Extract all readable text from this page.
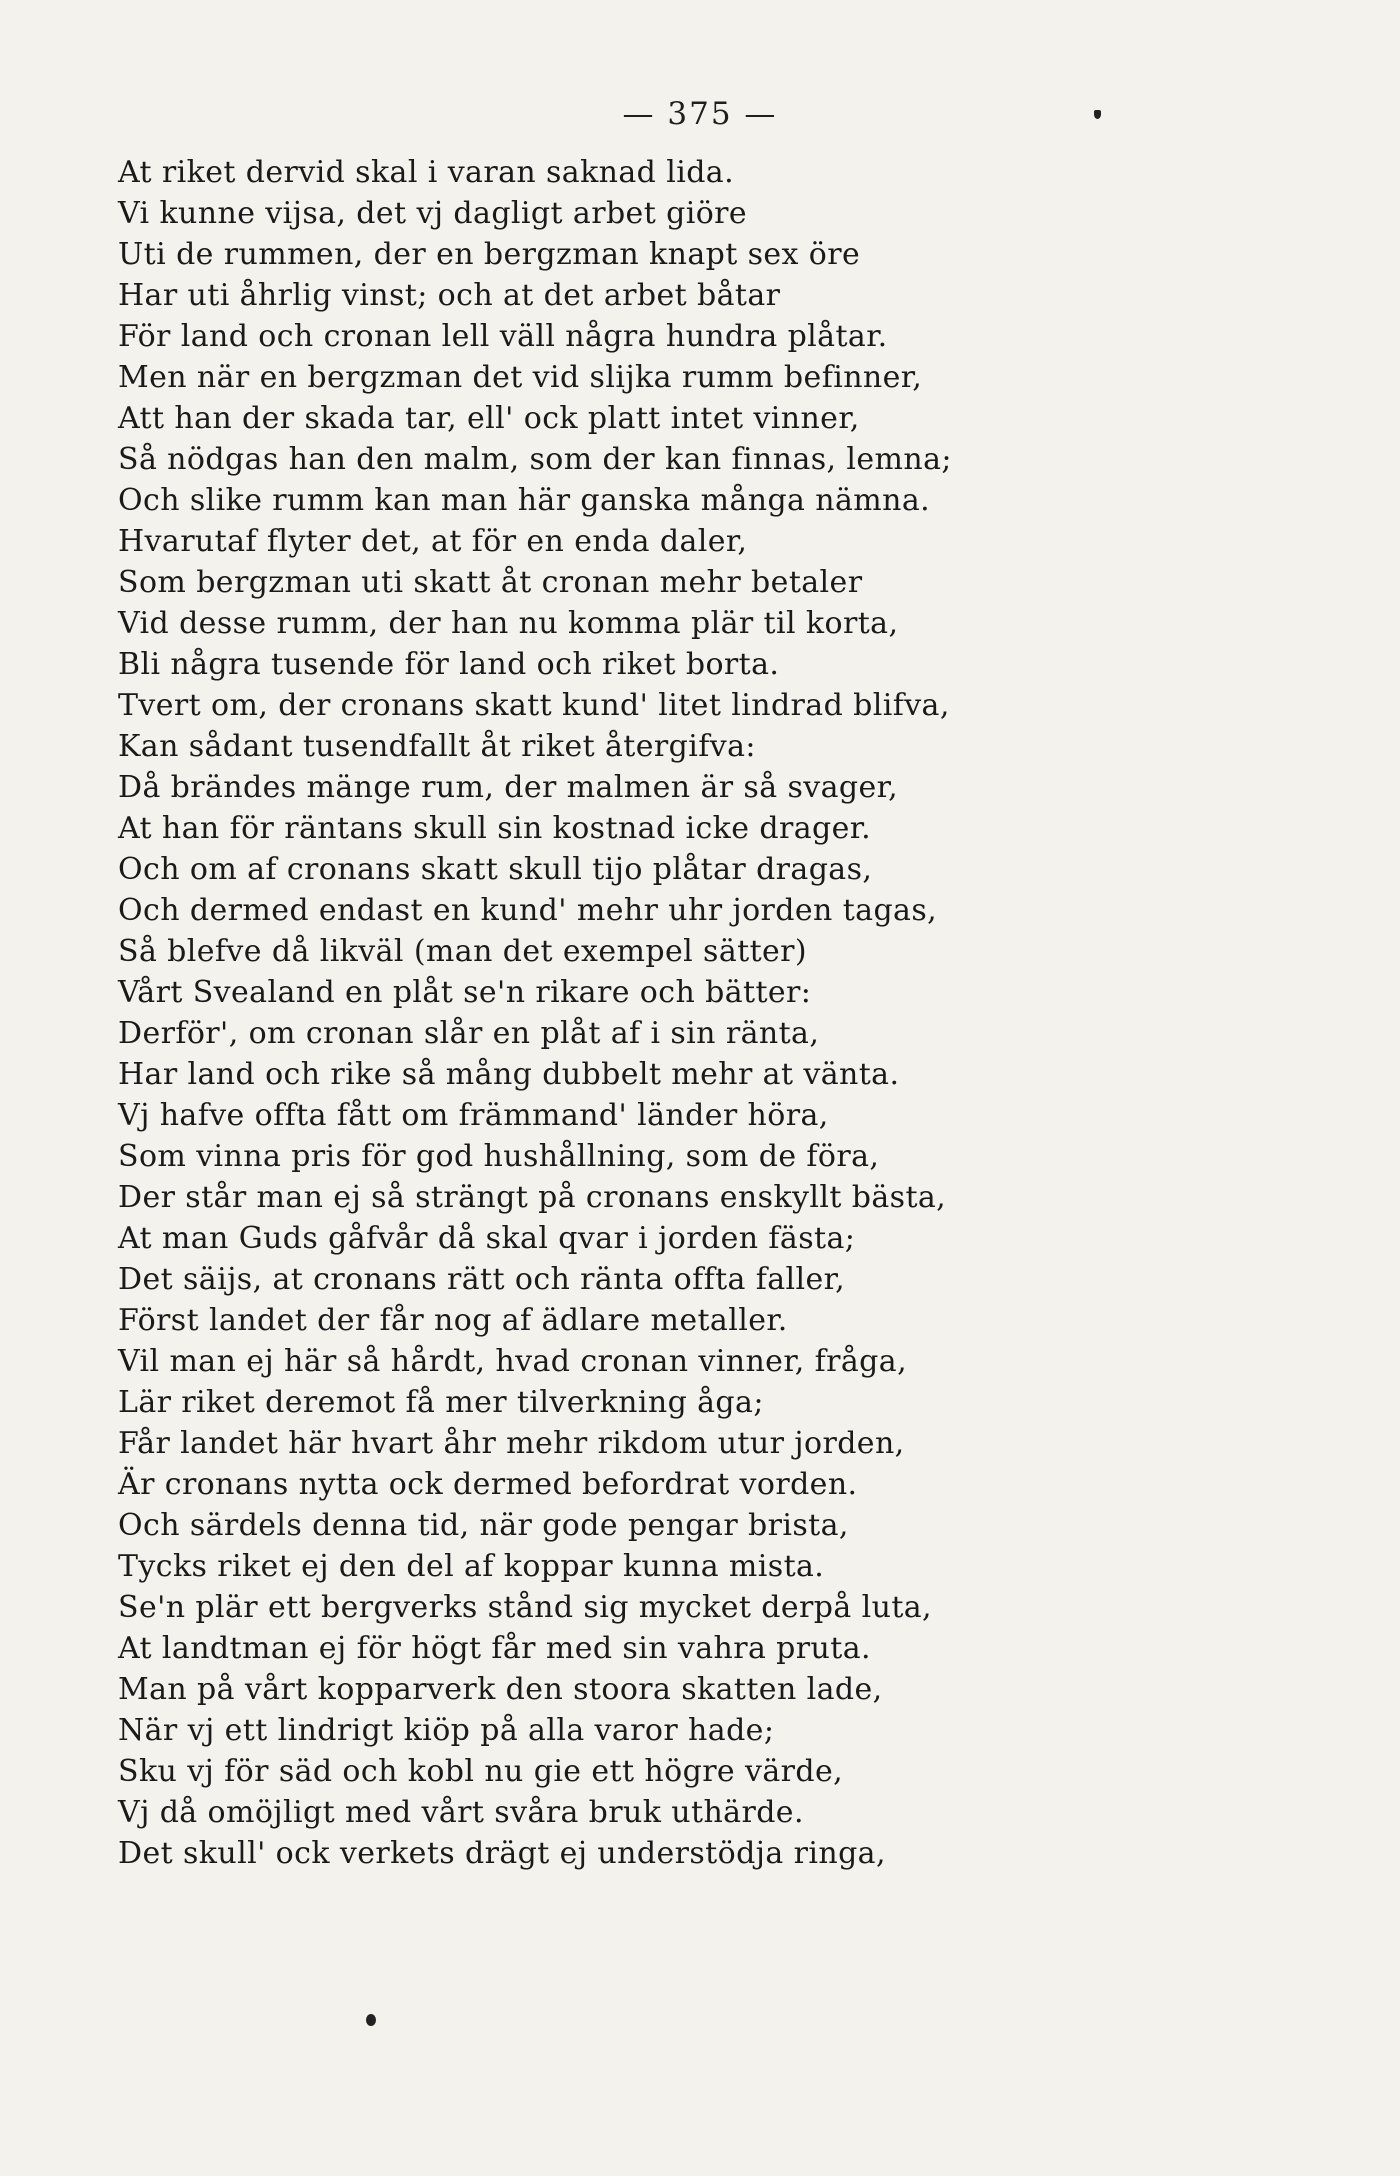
— 375 —
At riket dervid skal i varan saknad lida.
Vi kunne vijsa, det vj dagligt arbet giöre
Uti de rummen, der en bergzman knapt sex öre
Har uti åhrlig vinst; och at det arbet båtar
För land och cronan lell väll några hundra plåtar.
Men när en bergzman det vid slijka rumm befinner,
Att han der skada tar, ell' ock platt intet vinner,
Så nödgas han den malm, som der kan finnas, lemna;
Och slike rumm kan man här ganska många nämna.
Hvarutaf flyter det, at för en enda daler,
Som bergzman uti skatt åt cronan mehr betaler
Vid desse rumm, der han nu komma plär til korta,
Bli några tusende för land och riket borta.
Tvert om, der cronans skatt kund' litet lindrad blifva,
Kan sådant tusendfallt åt riket återgifva:
Då brändes mänge rum, der malmen är så svager,
At han för räntans skull sin kostnad icke drager.
Och om af cronans skatt skull tijo plåtar dragas,
Och dermed endast en kund' mehr uhr jorden tagas,
Så blefve då likväl (man det exempel sätter)
Vårt Svealand en plåt se'n rikare och bätter:
Derför', om cronan slår en plåt af i sin ränta,
Har land och rike så mång dubbelt mehr at vänta.
Vj hafve offta fått om främmand' länder höra,
Som vinna pris för god hushållning, som de föra,
Der står man ej så strängt på cronans enskyllt bästa,
At man Guds gåfvår då skal qvar i jorden fästa;
Det säijs, at cronans rätt och ränta offta faller,
Först landet der får nog af ädlare metaller.
Vil man ej här så hårdt, hvad cronan vinner, fråga,
Lär riket deremot få mer tilverkning åga;
Får landet här hvart åhr mehr rikdom utur jorden,
Är cronans nytta ock dermed befordrat vorden.
Och särdels denna tid, när gode pengar brista,
Tycks riket ej den del af koppar kunna mista.
Se'n plär ett bergverks stånd sig mycket derpå luta,
At landtman ej för högt får med sin vahra pruta.
Man på vårt kopparverk den stoora skatten lade,
När vj ett lindrigt kiöp på alla varor hade;
Sku vj för säd och kobl nu gie ett högre värde,
Vj då omöjligt med vårt svåra bruk uthärde.
Det skull' ock verkets drägt ej understödja ringa,
